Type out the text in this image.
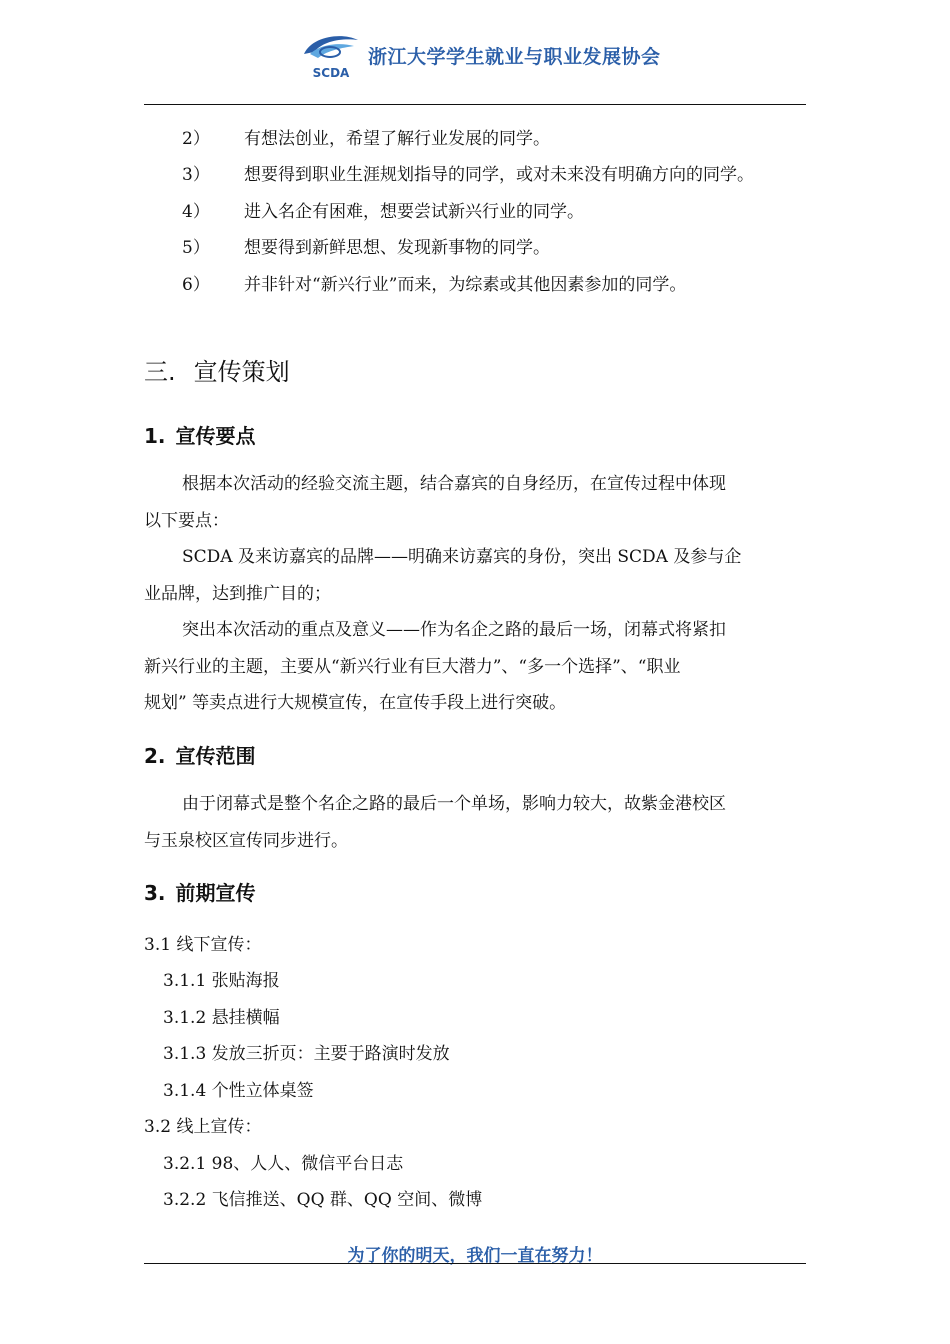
SCDA
浙江大学学生就业与职业发展协会
2）	有想法创业，希望了解行业发展的同学。
3）	想要得到职业生涯规划指导的同学，或对未来没有明确方向的同学。
4）	进入名企有困难，想要尝试新兴行业的同学。
5）	想要得到新鲜思想、发现新事物的同学。
6）	并非针对“新兴行业”而来，为综素或其他因素参加的同学。
三. 宣传策划
1. 宣传要点
根据本次活动的经验交流主题，结合嘉宾的自身经历，在宣传过程中体现
以下要点：
SCDA 及来访嘉宾的品牌——明确来访嘉宾的身份，突出 SCDA 及参与企
业品牌，达到推广目的；
突出本次活动的重点及意义——作为名企之路的最后一场，闭幕式将紧扣
新兴行业的主题，主要从“新兴行业有巨大潜力”、“多一个选择”、“职业
规划” 等卖点进行大规模宣传，在宣传手段上进行突破。
2. 宣传范围
由于闭幕式是整个名企之路的最后一个单场，影响力较大，故紫金港校区
与玉泉校区宣传同步进行。
3. 前期宣传
3.1 线下宣传：
3.1.1 张贴海报
3.1.2 悬挂横幅
3.1.3 发放三折页：主要于路演时发放
3.1.4 个性立体桌签
3.2 线上宣传：
3.2.1 98、人人、微信平台日志
3.2.2 飞信推送、QQ 群、QQ 空间、微博
为了你的明天，我们一直在努力！
